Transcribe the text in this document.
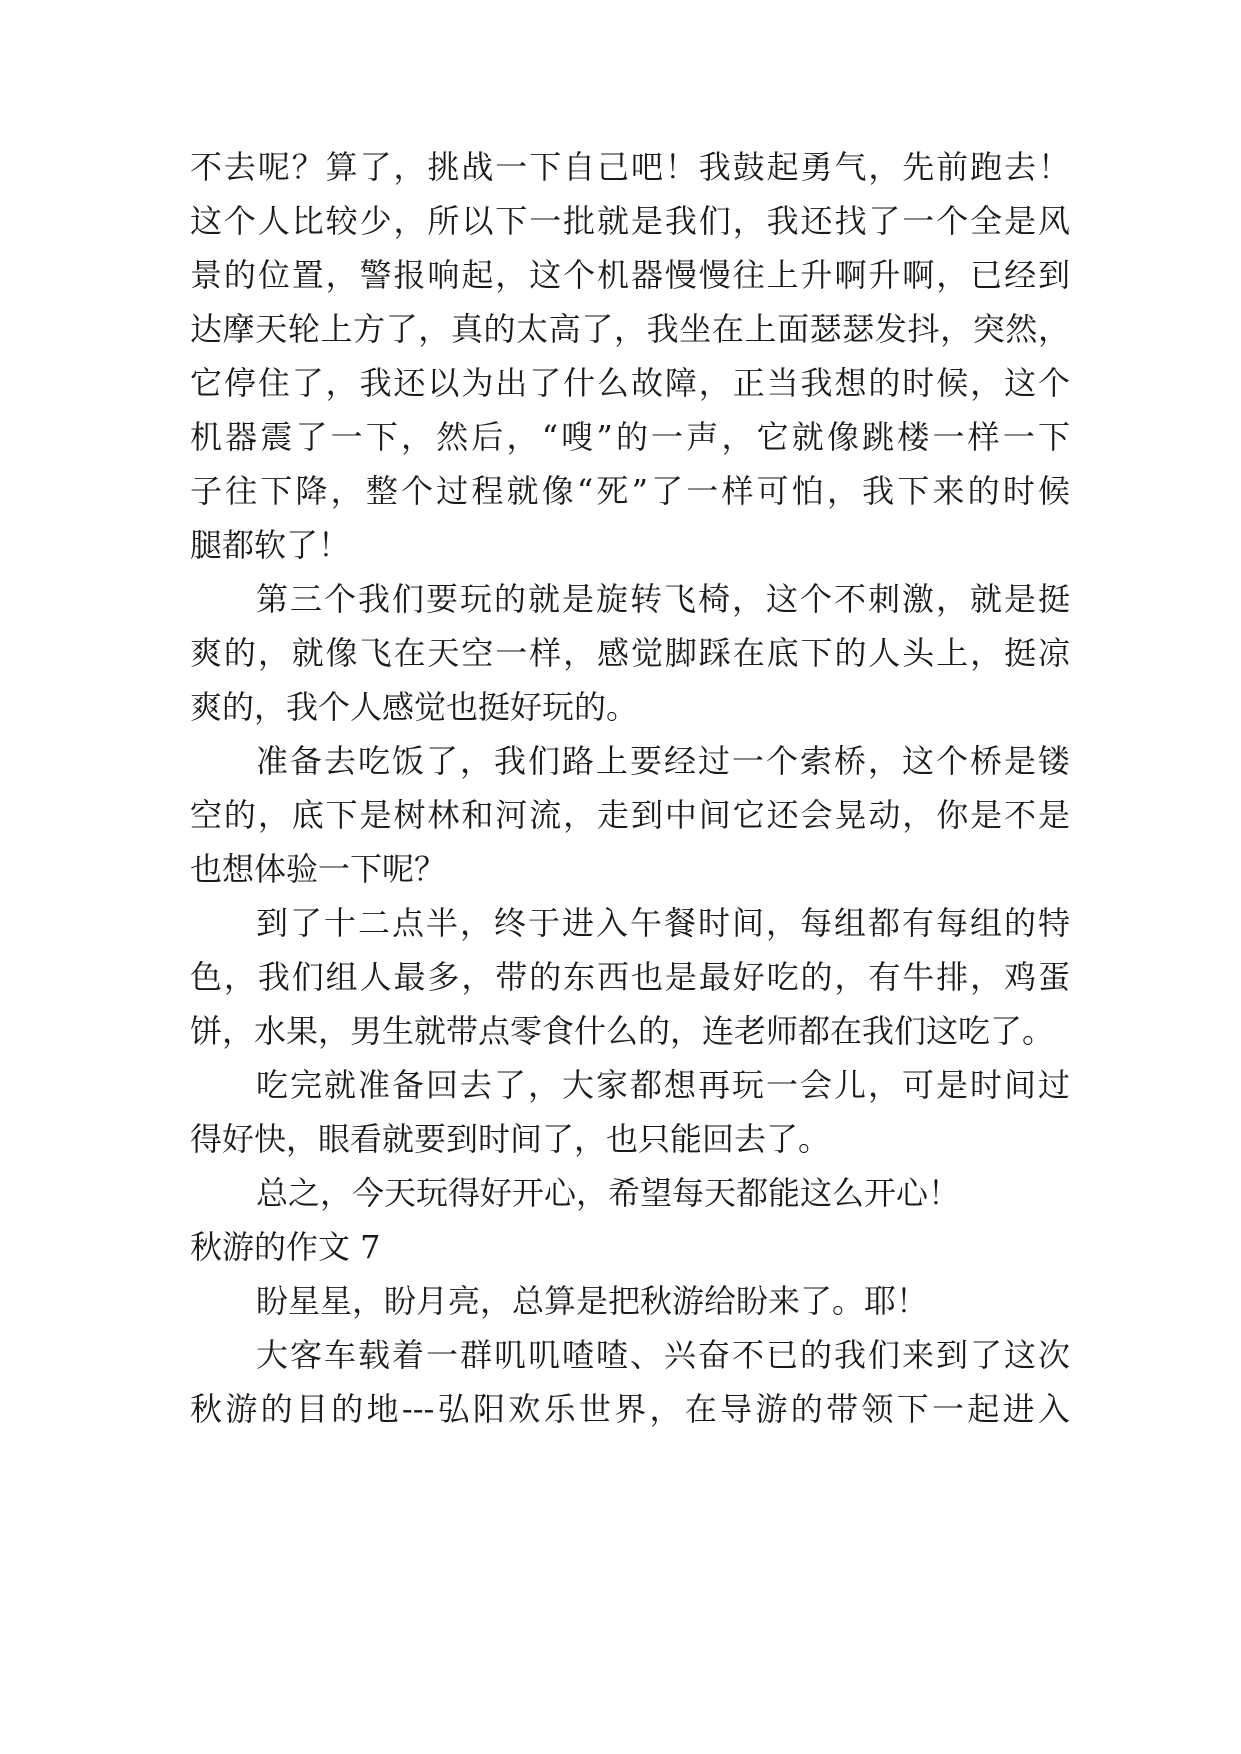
不去呢？算了，挑战一下自己吧！我鼓起勇气，先前跑去！
这个人比较少，所以下一批就是我们，我还找了一个全是风
景的位置，警报响起，这个机器慢慢往上升啊升啊，已经到
达摩天轮上方了，真的太高了，我坐在上面瑟瑟发抖，突然，
它停住了，我还以为出了什么故障，正当我想的时候，这个
机器震了一下，然后，“嗖”的一声，它就像跳楼一样一下
子往下降，整个过程就像“死”了一样可怕，我下来的时候
腿都软了！
第三个我们要玩的就是旋转飞椅，这个不刺激，就是挺
爽的，就像飞在天空一样，感觉脚踩在底下的人头上，挺凉
爽的，我个人感觉也挺好玩的。
准备去吃饭了，我们路上要经过一个索桥，这个桥是镂
空的，底下是树林和河流，走到中间它还会晃动，你是不是
也想体验一下呢？
到了十二点半，终于进入午餐时间，每组都有每组的特
色，我们组人最多，带的东西也是最好吃的，有牛排，鸡蛋
饼，水果，男生就带点零食什么的，连老师都在我们这吃了。
吃完就准备回去了，大家都想再玩一会儿，可是时间过
得好快，眼看就要到时间了，也只能回去了。
总之，今天玩得好开心，希望每天都能这么开心！
秋游的作文 7
盼星星，盼月亮，总算是把秋游给盼来了。耶！
大客车载着一群叽叽喳喳、兴奋不已的我们来到了这次
秋游的目的地---弘阳欢乐世界，在导游的带领下一起进入
